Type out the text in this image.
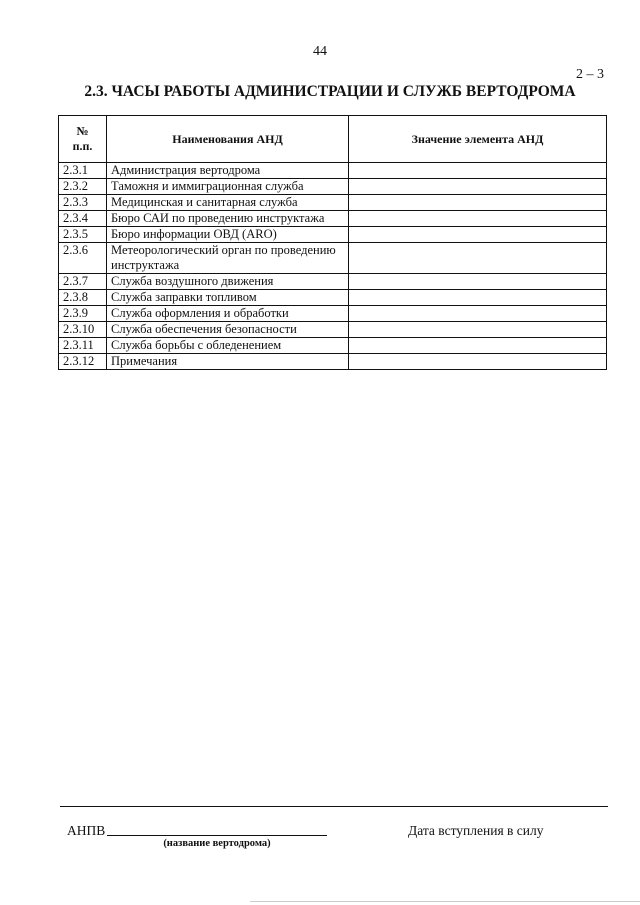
44
2 – 3
2.3. ЧАСЫ РАБОТЫ АДМИНИСТРАЦИИ И СЛУЖБ ВЕРТОДРОМА
№
п.п.	Наименования АНД	Значение элемента АНД
2.3.1	Администрация вертодрома	
2.3.2	Таможня и иммиграционная служба	
2.3.3	Медицинская и санитарная служба	
2.3.4	Бюро САИ по проведению инструктажа	
2.3.5	Бюро информации ОВД (ARO)	
2.3.6	Метеорологический орган по проведению инструктажа	
2.3.7	Служба воздушного движения	
2.3.8	Служба заправки топливом	
2.3.9	Служба оформления и обработки	
2.3.10	Служба обеспечения безопасности	
2.3.11	Служба борьбы с обледенением	
2.3.12	Примечания	
АНПВ
(название вертодрома)
Дата вступления в силу
